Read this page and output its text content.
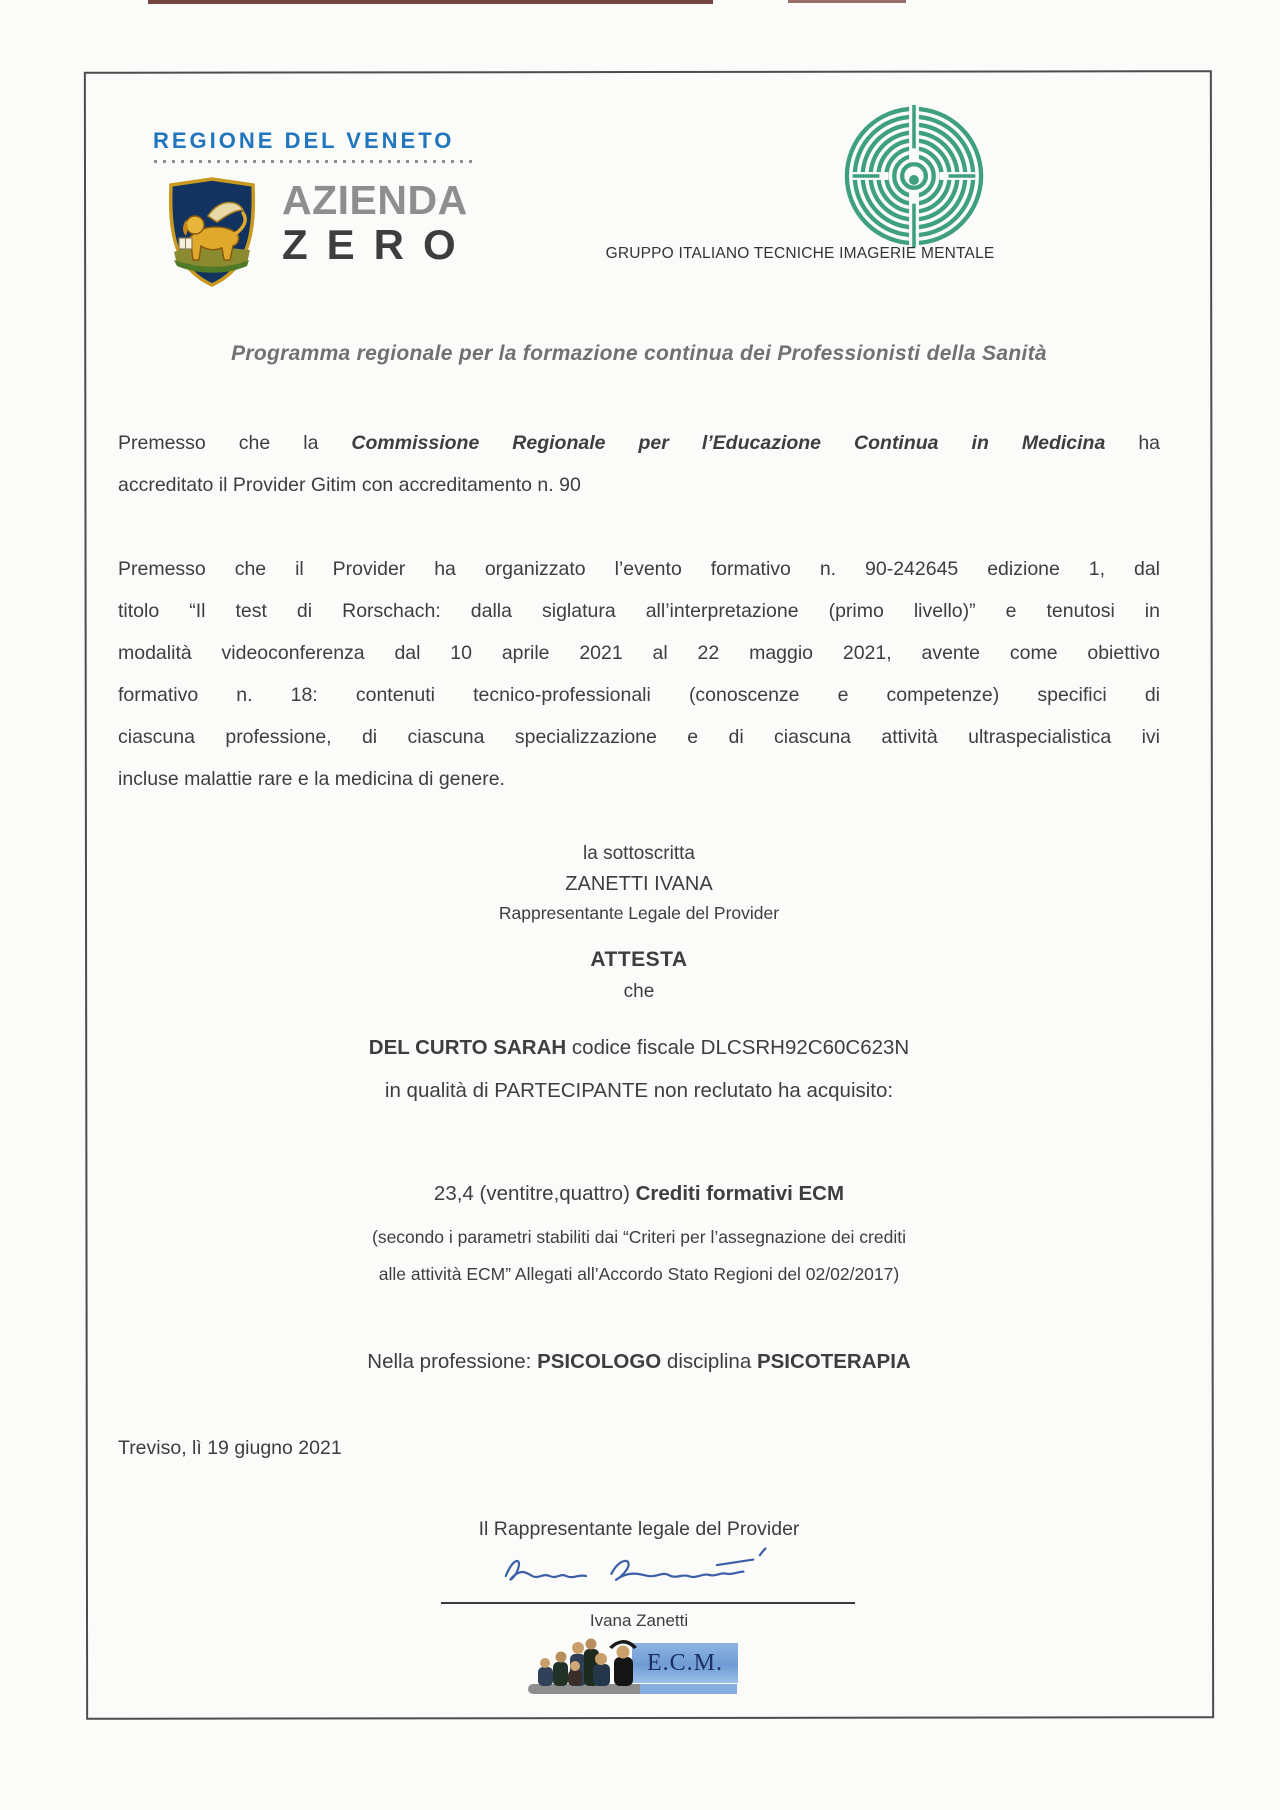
REGIONE DEL VENETO
AZIENDA
ZERO	GRUPPO ITALIANO TECNICHE IMAGERIE MENTALE
Programma regionale per la formazione continua dei Professionisti della Sanità
Premesso che la Commissione Regionale per l’Educazione Continua in Medicina ha
accreditato il Provider Gitim con accreditamento n. 90
Premesso che il Provider ha organizzato l’evento formativo n. 90-242645 edizione 1, dal
titolo “Il test di Rorschach: dalla siglatura all’interpretazione (primo livello)” e tenutosi in
modalità videoconferenza dal 10 aprile 2021 al 22 maggio 2021, avente come obiettivo
formativo n. 18: contenuti tecnico-professionali (conoscenze e competenze) specifici di
ciascuna professione, di ciascuna specializzazione e di ciascuna attività ultraspecialistica ivi
incluse malattie rare e la medicina di genere.
la sottoscritta
ZANETTI IVANA
Rappresentante Legale del Provider
ATTESTA
che
DEL CURTO SARAH codice fiscale DLCSRH92C60C623N
in qualità di PARTECIPANTE non reclutato ha acquisito:
23,4 (ventitre,quattro) Crediti formativi ECM
(secondo i parametri stabiliti dai “Criteri per l’assegnazione dei crediti
alle attività ECM” Allegati all’Accordo Stato Regioni del 02/02/2017)
Nella professione: PSICOLOGO disciplina PSICOTERAPIA
Treviso, lì 19 giugno 2021
Il Rappresentante legale del Provider
Ivana Zanetti
E.C.M.
